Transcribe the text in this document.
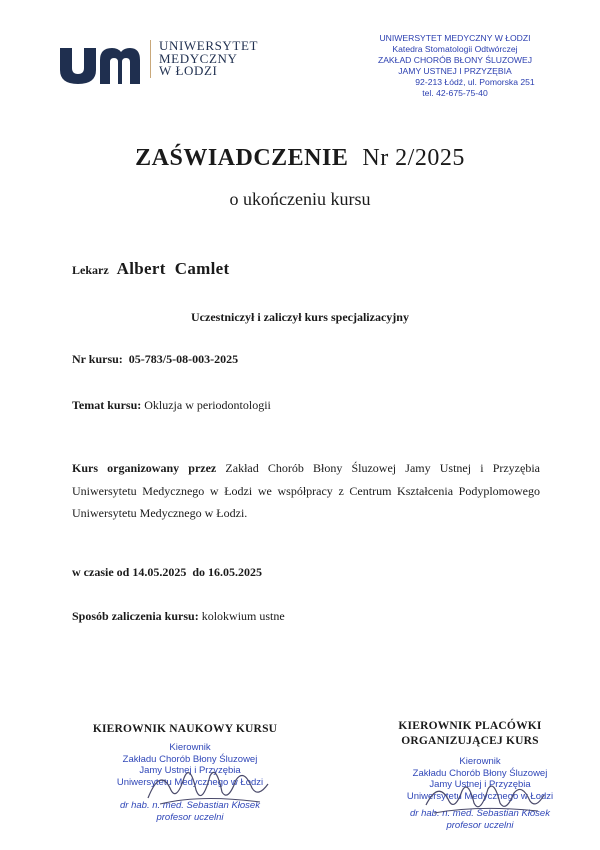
UNIWERSYTET
MEDYCZNY
W ŁODZI
UNIWERSYTET MEDYCZNY W ŁODZI
Katedra Stomatologii Odtwórczej
ZAKŁAD CHORÓB BŁONY ŚLUZOWEJ
JAMY USTNEJ I PRZYZĘBIA
92-213 Łódź, ul. Pomorska 251
tel. 42-675-75-40
ZAŚWIADCZENIE Nr 2/2025
o ukończeniu kursu
Lekarz Albert  Camlet
Uczestniczył i zaliczył kurs specjalizacyjny
Nr kursu: 05-783/5-08-003-2025
Temat kursu: Okluzja w periodontologii
Kurs organizowany przez Zakład Chorób Błony Śluzowej Jamy Ustnej i Przyzębia Uniwersytetu Medycznego w Łodzi we współpracy z Centrum Kształcenia Podyplomowego Uniwersytetu Medycznego w Łodzi.
w czasie od 14.05.2025  do 16.05.2025
Sposób zaliczenia kursu: kolokwium ustne
KIEROWNIK NAUKOWY KURSU
Kierownik
Zakładu Chorób Błony Śluzowej
Jamy Ustnej i Przyzębia
Uniwersytetu Medycznego w Łodzi
dr hab. n. med. Sebastian Kłosek
profesor uczelni
KIEROWNIK PLACÓWKI
ORGANIZUJĄCEJ KURS
Kierownik
Zakładu Chorób Błony Śluzowej
Jamy Ustnej i Przyzębia
Uniwersytetu Medycznego w Łodzi
dr hab. n. med. Sebastian Kłosek
profesor uczelni
